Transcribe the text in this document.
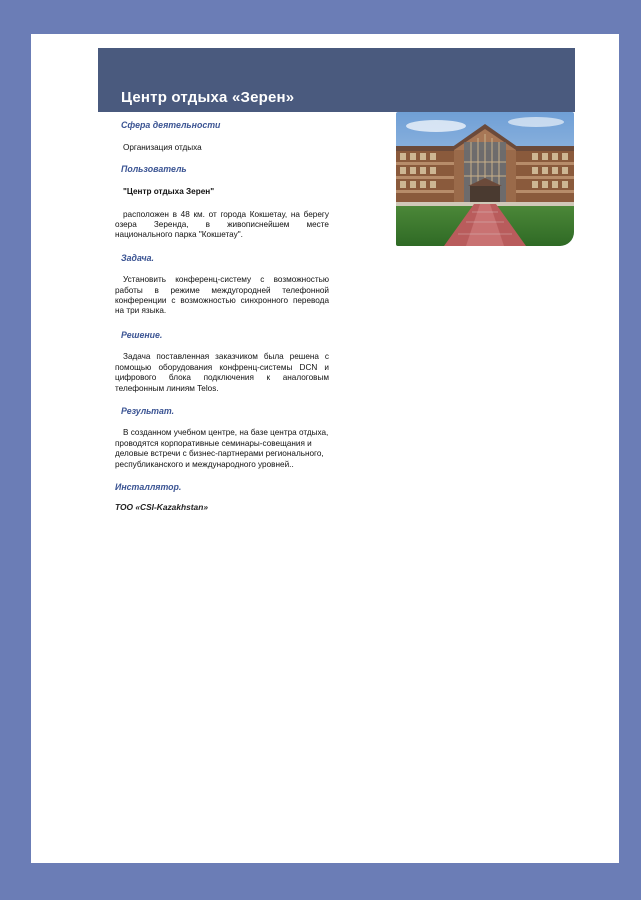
Центр отдыха «Зерен»
Сфера деятельности
Организация отдыха
Пользователь
"Центр отдыха Зерен"
расположен в 48 км. от города Кокшетау, на берегу озера Зеренда, в живописнейшем месте национального парка "Кокшетау".
Задача.
Установить конференц-систему с возможностью работы в режиме междугородней телефонной конференции с возможностью синхронного перевода на три языка.
Решение.
Задача поставленная заказчиком была решена с помощью оборудования конфренц-системы DCN и цифрового блока подключения к аналоговым телефонным линиям Telos.
Результат.
В созданном учебном центре, на базе центра отдыха, проводятся корпоративные семинары-совещания и деловые встречи с бизнес-партнерами регионального, республиканского и международного уровней..
Инсталлятор.
ТОО «CSI-Kazakhstan»
